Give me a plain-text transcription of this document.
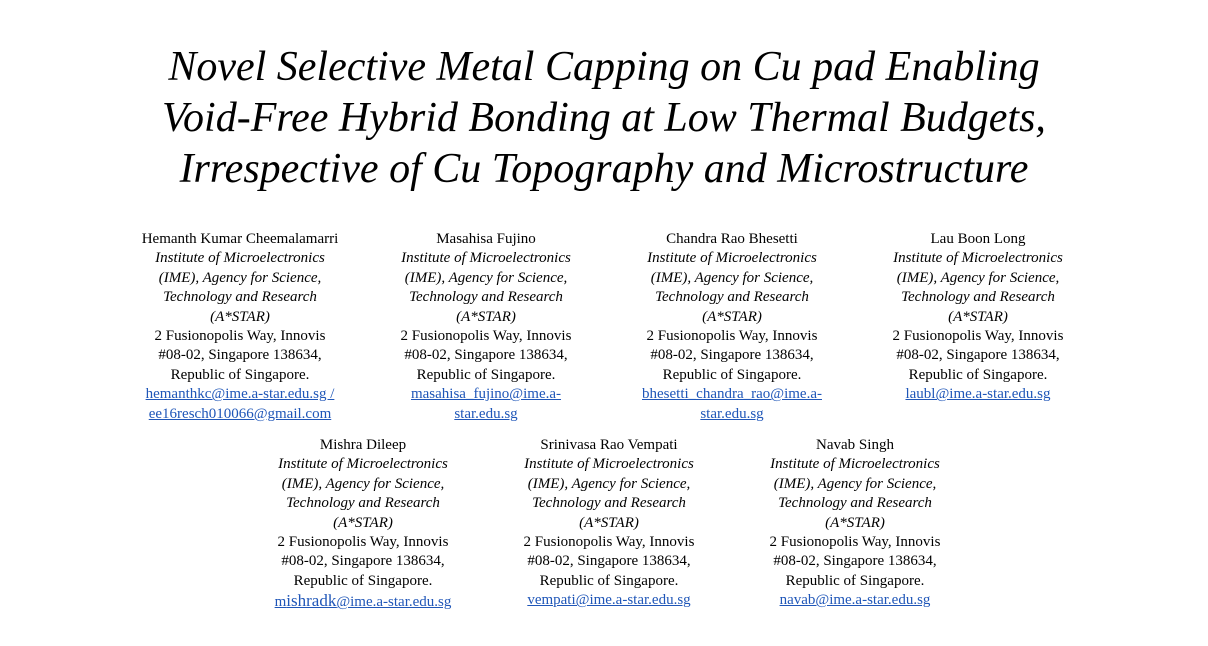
Novel Selective Metal Capping on Cu pad Enabling
Void-Free Hybrid Bonding at Low Thermal Budgets,
Irrespective of Cu Topography and Microstructure
Hemanth Kumar Cheemalamarri
Institute of Microelectronics
(IME), Agency for Science,
Technology and Research
(A*STAR)
2 Fusionopolis Way, Innovis
#08-02, Singapore 138634,
Republic of Singapore.
hemanthkc@ime.a-star.edu.sg /
ee16resch010066@gmail.com
Masahisa Fujino
Institute of Microelectronics
(IME), Agency for Science,
Technology and Research
(A*STAR)
2 Fusionopolis Way, Innovis
#08-02, Singapore 138634,
Republic of Singapore.
masahisa_fujino@ime.a-
star.edu.sg
Chandra Rao Bhesetti
Institute of Microelectronics
(IME), Agency for Science,
Technology and Research
(A*STAR)
2 Fusionopolis Way, Innovis
#08-02, Singapore 138634,
Republic of Singapore.
bhesetti_chandra_rao@ime.a-
star.edu.sg
Lau Boon Long
Institute of Microelectronics
(IME), Agency for Science,
Technology and Research
(A*STAR)
2 Fusionopolis Way, Innovis
#08-02, Singapore 138634,
Republic of Singapore.
laubl@ime.a-star.edu.sg
Mishra Dileep
Institute of Microelectronics
(IME), Agency for Science,
Technology and Research
(A*STAR)
2 Fusionopolis Way, Innovis
#08-02, Singapore 138634,
Republic of Singapore.
mishradk@ime.a-star.edu.sg
Srinivasa Rao Vempati
Institute of Microelectronics
(IME), Agency for Science,
Technology and Research
(A*STAR)
2 Fusionopolis Way, Innovis
#08-02, Singapore 138634,
Republic of Singapore.
vempati@ime.a-star.edu.sg
Navab Singh
Institute of Microelectronics
(IME), Agency for Science,
Technology and Research
(A*STAR)
2 Fusionopolis Way, Innovis
#08-02, Singapore 138634,
Republic of Singapore.
navab@ime.a-star.edu.sg
